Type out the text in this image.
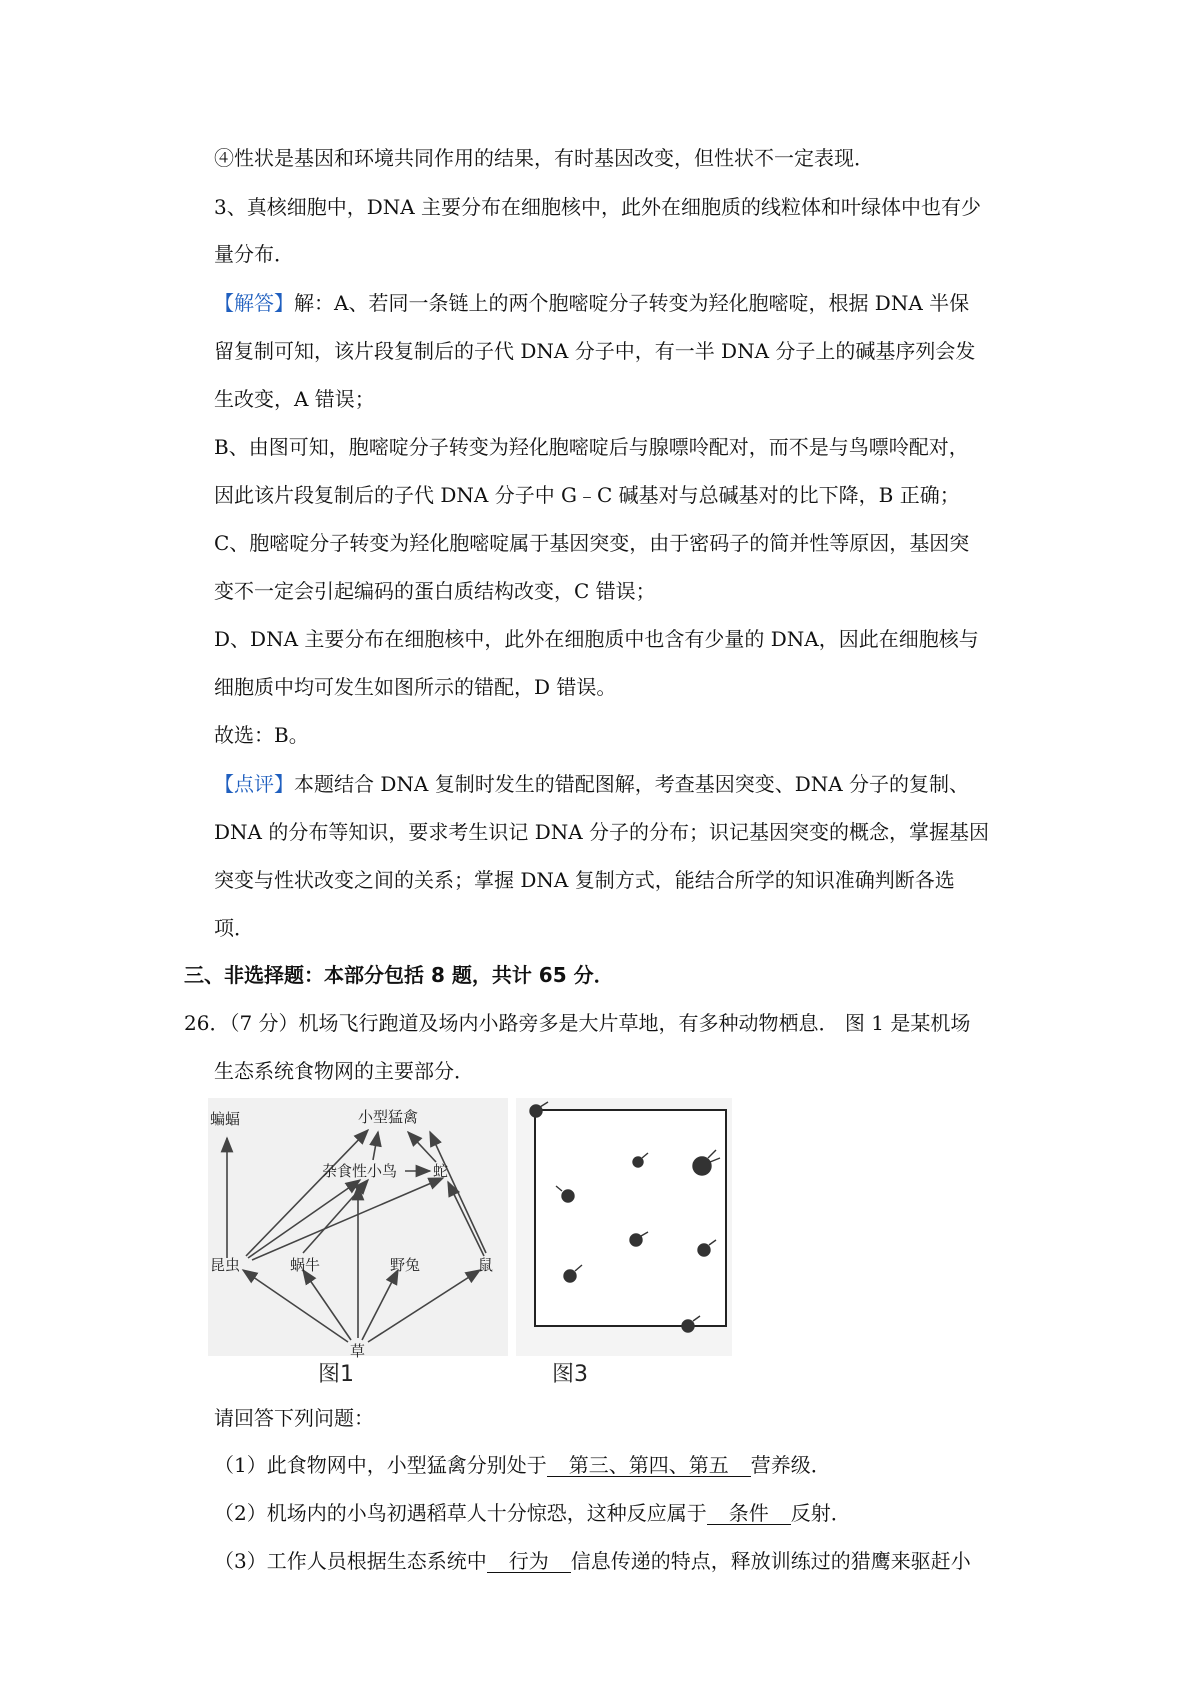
④性状是基因和环境共同作用的结果，有时基因改变，但性状不一定表现．
3、真核细胞中，DNA 主要分布在细胞核中，此外在细胞质的线粒体和叶绿体中也有少
量分布．
【解答】解：A、若同一条链上的两个胞嘧啶分子转变为羟化胞嘧啶，根据 DNA 半保
留复制可知，该片段复制后的子代 DNA 分子中，有一半 DNA 分子上的碱基序列会发
生改变，A 错误；
B、由图可知，胞嘧啶分子转变为羟化胞嘧啶后与腺嘌呤配对，而不是与鸟嘌呤配对，
因此该片段复制后的子代 DNA 分子中 G﹣C 碱基对与总碱基对的比下降，B 正确；
C、胞嘧啶分子转变为羟化胞嘧啶属于基因突变，由于密码子的简并性等原因，基因突
变不一定会引起编码的蛋白质结构改变，C 错误；
D、DNA 主要分布在细胞核中，此外在细胞质中也含有少量的 DNA，因此在细胞核与
细胞质中均可发生如图所示的错配，D 错误。
故选：B。
【点评】本题结合 DNA 复制时发生的错配图解，考查基因突变、DNA 分子的复制、
DNA 的分布等知识，要求考生识记 DNA 分子的分布；识记基因突变的概念，掌握基因
突变与性状改变之间的关系；掌握 DNA 复制方式，能结合所学的知识准确判断各选
项．
三、非选择题：本部分包括 8 题，共计 65 分．
26．（7 分）机场飞行跑道及场内小路旁多是大片草地，有多种动物栖息． 图 1 是某机场
生态系统食物网的主要部分．
蝙蝠	小型猛禽
杂食性小鸟 蛇
昆虫	蜗牛	野兔	鼠
草
图1	图3
请回答下列问题：
（1）此食物网中，小型猛禽分别处于 第三、第四、第五 营养级．
（2）机场内的小鸟初遇稻草人十分惊恐，这种反应属于 条件 反射．
（3）工作人员根据生态系统中 行为 信息传递的特点，释放训练过的猎鹰来驱赶小
